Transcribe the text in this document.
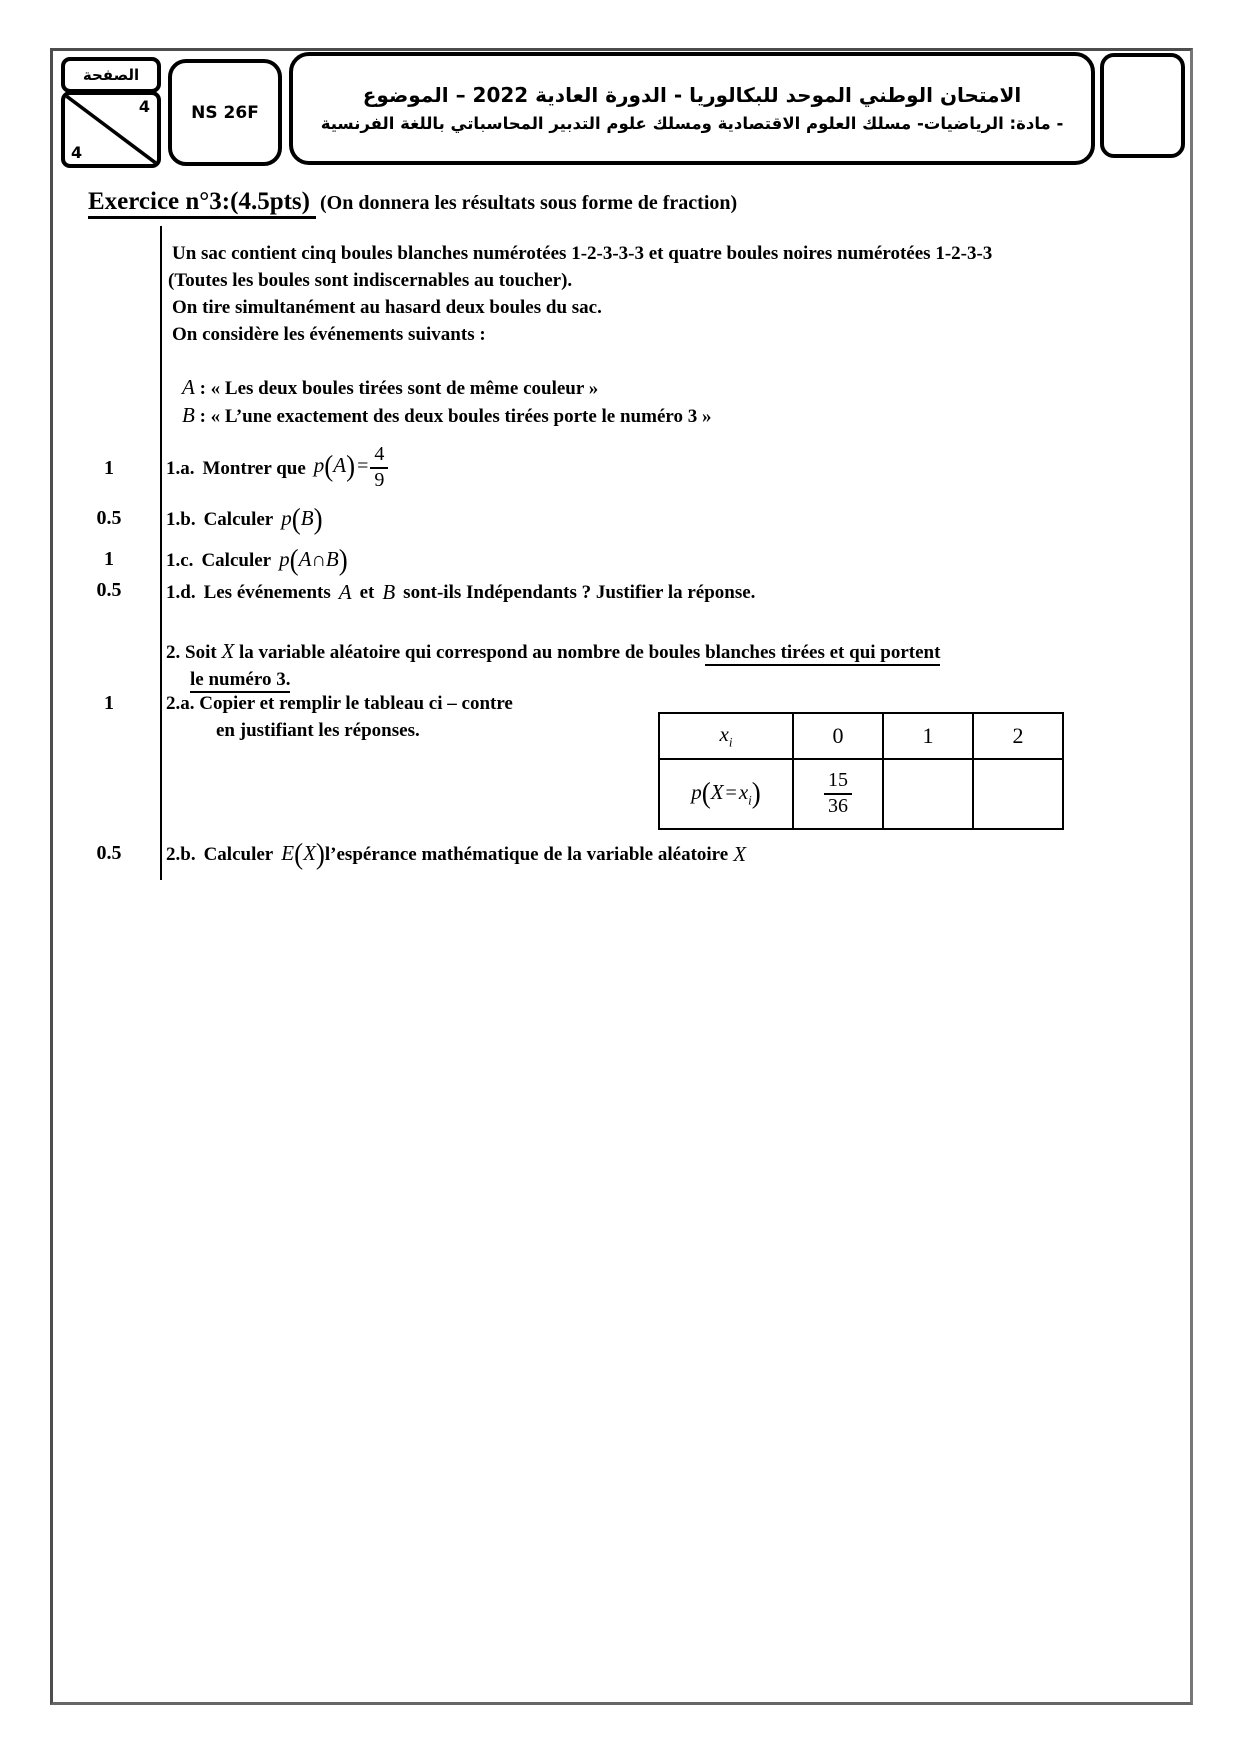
الصفحة
4
4
NS 26F
الامتحان الوطني الموحد للبكالوريا - الدورة العادية 2022 – الموضوع
- مادة: الرياضيات- مسلك العلوم الاقتصادية ومسلك علوم التدبير المحاسباتي باللغة الفرنسية
Exercice n°3:(4.5pts) (On donnera les résultats sous forme de fraction)
1
0.5
1
0.5
1
0.5
Un sac contient cinq boules blanches numérotées 1-2-3-3-3 et quatre boules noires numérotées 1-2-3-3
(Toutes les boules sont indiscernables au toucher).
On tire simultanément au hasard deux boules du sac.
On considère les événements suivants :
A : « Les deux boules tirées sont de même couleur »
B : « L’une exactement des deux boules tirées porte le numéro 3 »
1.a. Montrer que $p(A) = \frac{4}{9}$
1.b. Calculer p(B)
1.c. Calculer p(A∩B)
1.d. Les événements A et B sont-ils Indépendants ? Justifier la réponse.
2. Soit X la variable aléatoire qui correspond au nombre de boules blanches tirées et qui portent
le numéro 3.
2.a. Copier et remplir le tableau ci – contre
en justifiant les réponses.	$x_i$	0	1	2
$p(X =x_i)$	$\frac{15}{36}$

2.b. Calculer E(X) l’espérance mathématique de la variable aléatoire X
